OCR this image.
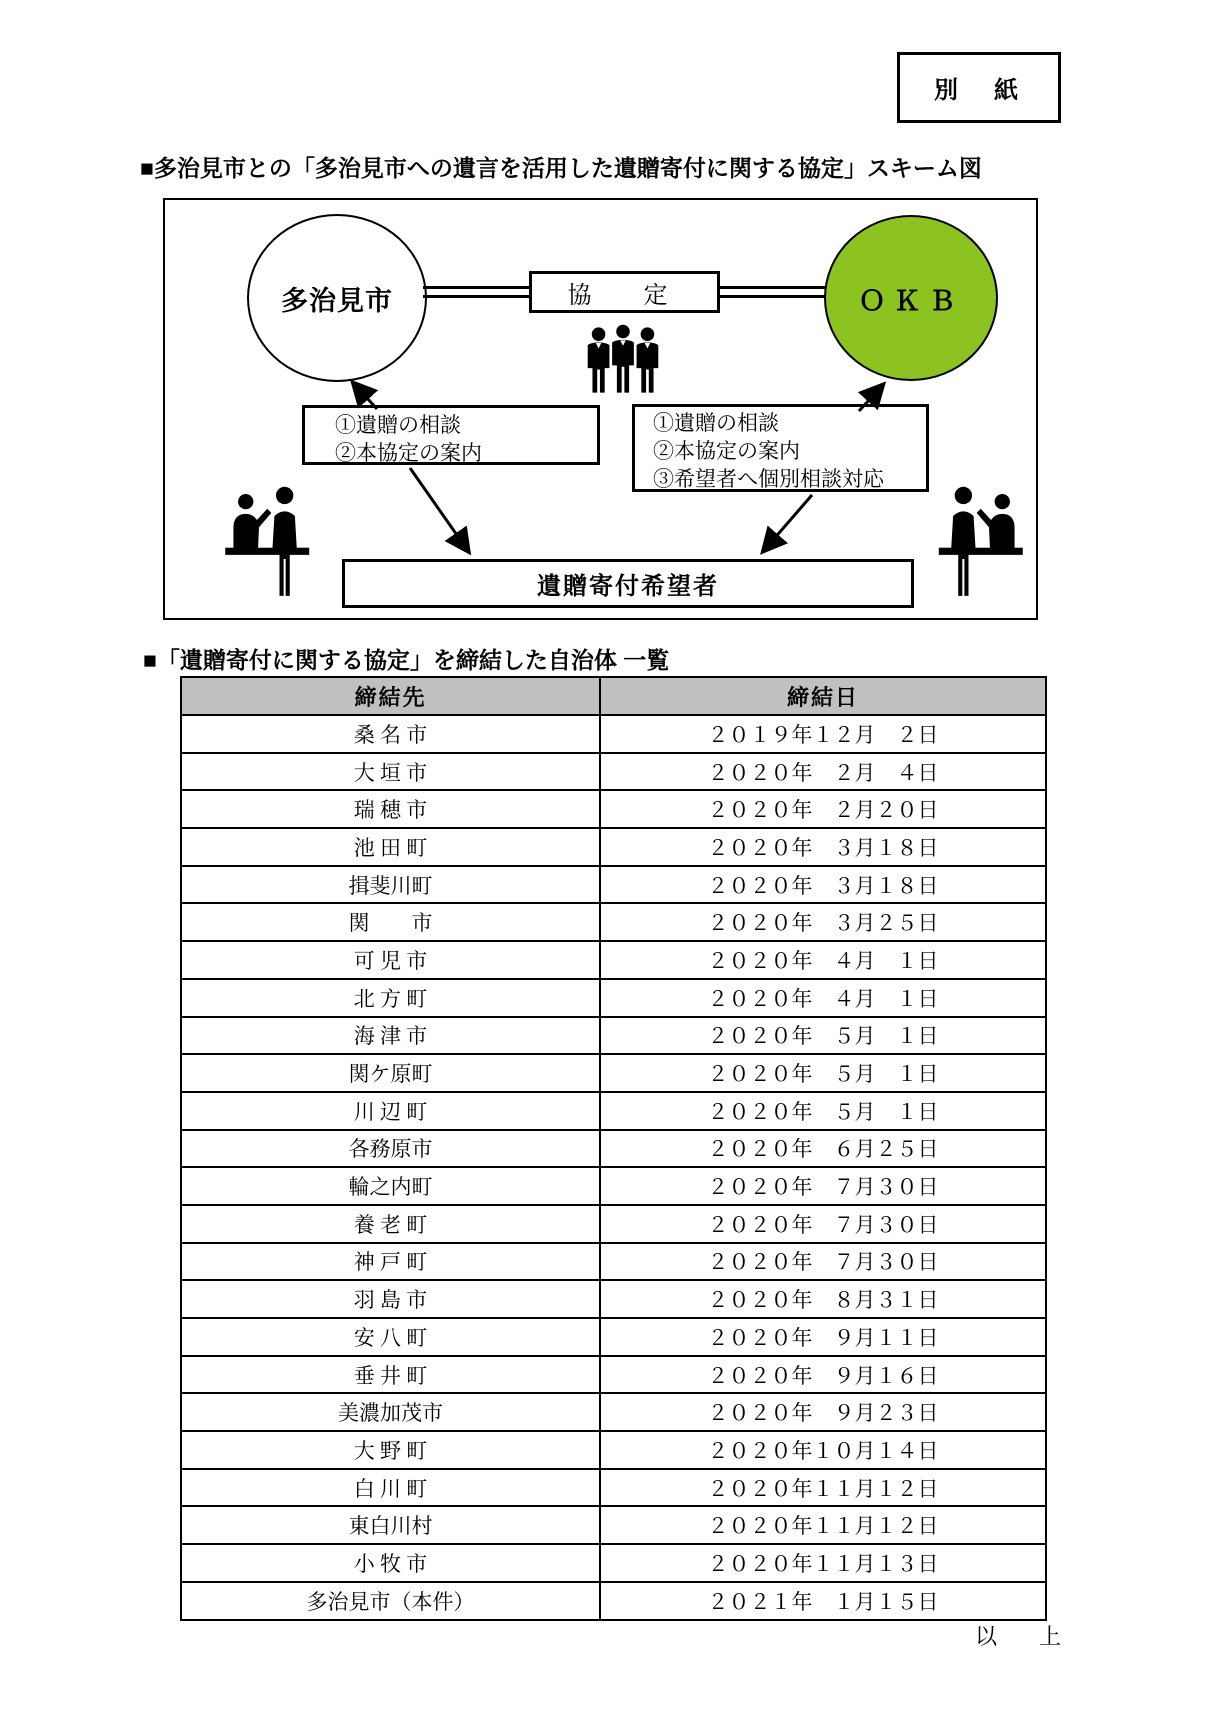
別　紙
■多治見市との「多治見市への遺言を活用した遺贈寄付に関する協定」スキーム図
多治見市	協　定	ＯＫＢ
①遺贈の相談
②本協定の案内
①遺贈の相談
②本協定の案内
③希望者へ個別相談対応
遺贈寄付希望者
■「遺贈寄付に関する協定」を締結した自治体 一覧
締結先	締結日
桑 名 市	２０１９年１２月　２日
大 垣 市	２０２０年　２月　４日
瑞 穂 市	２０２０年　２月２０日
池 田 町	２０２０年　３月１８日
揖斐川町	２０２０年　３月１８日
関　　市	２０２０年　３月２５日
可 児 市	２０２０年　４月　１日
北 方 町	２０２０年　４月　１日
海 津 市	２０２０年　５月　１日
関ケ原町	２０２０年　５月　１日
川 辺 町	２０２０年　５月　１日
各務原市	２０２０年　６月２５日
輪之内町	２０２０年　７月３０日
養 老 町	２０２０年　７月３０日
神 戸 町	２０２０年　７月３０日
羽 島 市	２０２０年　８月３１日
安 八 町	２０２０年　９月１１日
垂 井 町	２０２０年　９月１６日
美濃加茂市	２０２０年　９月２３日
大 野 町	２０２０年１０月１４日
白 川 町	２０２０年１１月１２日
東白川村	２０２０年１１月１２日
小 牧 市	２０２０年１１月１３日
多治見市（本件）	２０２１年　１月１５日
以　上
